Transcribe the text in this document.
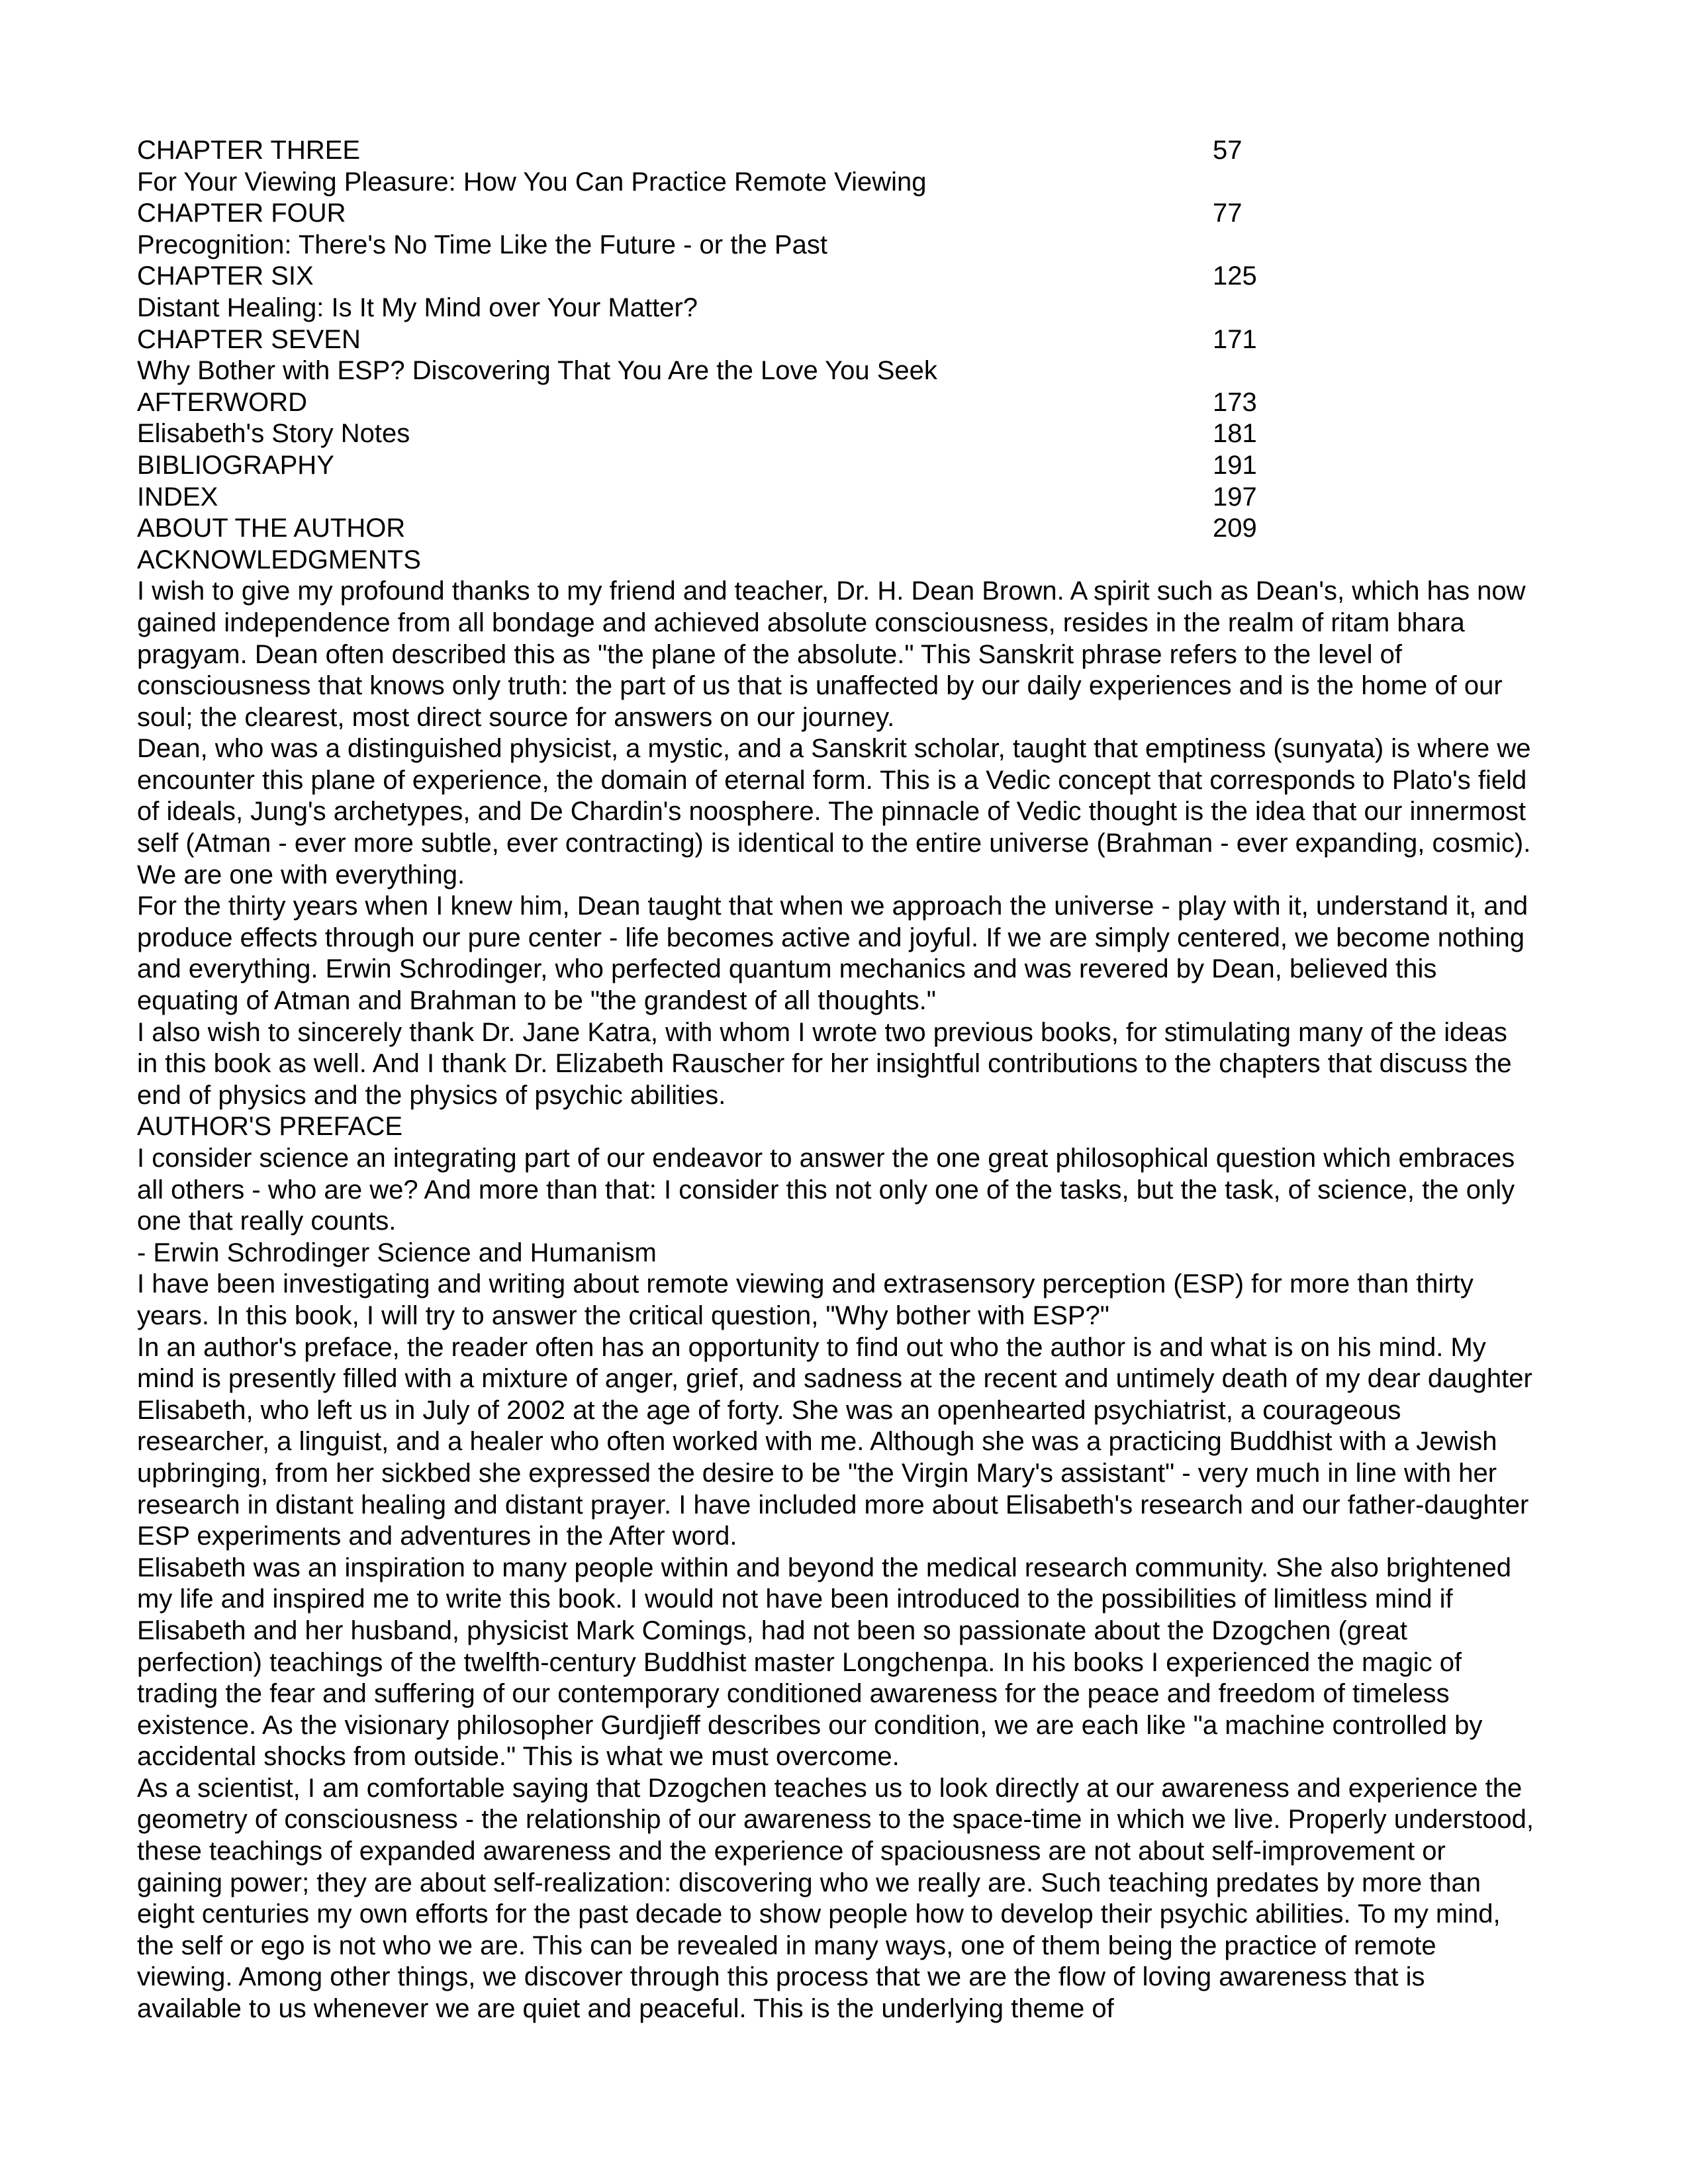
CHAPTER THREE	57
For Your Viewing Pleasure: How You Can Practice Remote Viewing
CHAPTER FOUR	77
Precognition: There's No Time Like the Future - or the Past
CHAPTER SIX	125
Distant Healing: Is It My Mind over Your Matter?
CHAPTER SEVEN	171
Why Bother with ESP? Discovering That You Are the Love You Seek
AFTERWORD	173
Elisabeth's Story Notes	181
BIBLIOGRAPHY	191
INDEX	197
ABOUT THE AUTHOR	209
ACKNOWLEDGMENTS

I wish to give my profound thanks to my friend and teacher, Dr. H. Dean Brown. A spirit such as Dean's, which has now gained independence from all bondage and achieved absolute consciousness, resides in the realm of ritam bhara pragyam. Dean often described this as "the plane of the absolute." This Sanskrit phrase refers to the level of consciousness that knows only truth: the part of us that is unaffected by our daily experiences and is the home of our soul; the clearest, most direct source for answers on our journey.

Dean, who was a distinguished physicist, a mystic, and a Sanskrit scholar, taught that emptiness (sunyata) is where we encounter this plane of experience, the domain of eternal form. This is a Vedic concept that corresponds to Plato's field of ideals, Jung's archetypes, and De Chardin's noosphere. The pinnacle of Vedic thought is the idea that our innermost self (Atman - ever more subtle, ever contracting) is identical to the entire universe (Brahman - ever expanding, cosmic). We are one with everything.

For the thirty years when I knew him, Dean taught that when we approach the universe - play with it, understand it, and produce effects through our pure center - life becomes active and joyful. If we are simply centered, we become nothing and everything. Erwin Schrodinger, who perfected quantum mechanics and was revered by Dean, believed this equating of Atman and Brahman to be "the grandest of all thoughts."

I also wish to sincerely thank Dr. Jane Katra, with whom I wrote two previous books, for stimulating many of the ideas in this book as well. And I thank Dr. Elizabeth Rauscher for her insightful contributions to the chapters that discuss the end of physics and the physics of psychic abilities.

AUTHOR'S PREFACE

I consider science an integrating part of our endeavor to answer the one great philosophical question which embraces all others - who are we? And more than that: I consider this not only one of the tasks, but the task, of science, the only one that really counts.

- Erwin Schrodinger Science and Humanism

I have been investigating and writing about remote viewing and extrasensory perception (ESP) for more than thirty years. In this book, I will try to answer the critical question, "Why bother with ESP?"

In an author's preface, the reader often has an opportunity to find out who the author is and what is on his mind. My mind is presently filled with a mixture of anger, grief, and sadness at the recent and untimely death of my dear daughter Elisabeth, who left us in July of 2002 at the age of forty. She was an openhearted psychiatrist, a courageous researcher, a linguist, and a healer who often worked with me. Although she was a practicing Buddhist with a Jewish upbringing, from her sickbed she expressed the desire to be "the Virgin Mary's assistant" - very much in line with her research in distant healing and distant prayer. I have included more about Elisabeth's research and our father-daughter ESP experiments and adventures in the After word.

Elisabeth was an inspiration to many people within and beyond the medical research community. She also brightened my life and inspired me to write this book. I would not have been introduced to the possibilities of limitless mind if Elisabeth and her husband, physicist Mark Comings, had not been so passionate about the Dzogchen (great perfection) teachings of the twelfth-century Buddhist master Longchenpa. In his books I experienced the magic of trading the fear and suffering of our contemporary conditioned awareness for the peace and freedom of timeless existence. As the visionary philosopher Gurdjieff describes our condition, we are each like "a machine controlled by accidental shocks from outside." This is what we must overcome.

As a scientist, I am comfortable saying that Dzogchen teaches us to look directly at our awareness and experience the geometry of consciousness - the relationship of our awareness to the space-time in which we live. Properly understood, these teachings of expanded awareness and the experience of spaciousness are not about self-improvement or gaining power; they are about self-realization: discovering who we really are. Such teaching predates by more than eight centuries my own efforts for the past decade to show people how to develop their psychic abilities. To my mind, the self or ego is not who we are. This can be revealed in many ways, one of them being the practice of remote viewing. Among other things, we discover through this process that we are the flow of loving awareness that is available to us whenever we are quiet and peaceful. This is the underlying theme of
